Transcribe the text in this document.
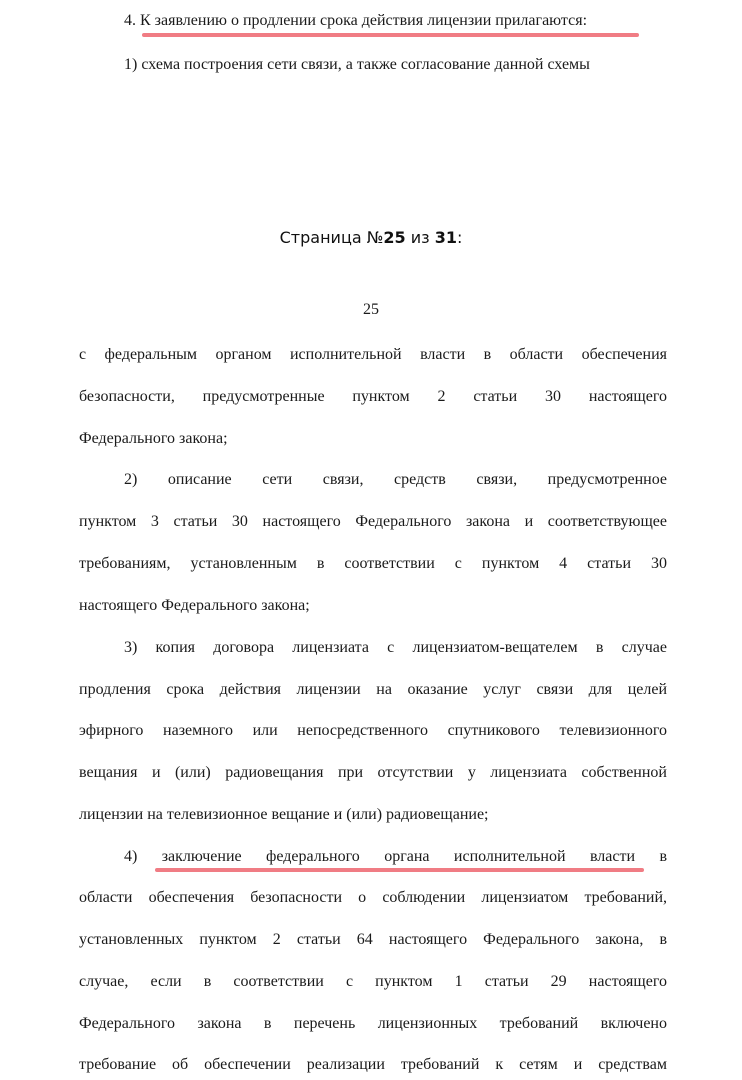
4. К заявлению о продлении срока действия лицензии прилагаются:
1) схема построения сети связи, а также согласование данной схемы
Страница №25 из 31:
25
с федеральным органом исполнительной власти в области обеспечения
безопасности, предусмотренные пунктом 2 статьи 30 настоящего
Федерального закона;
2) описание сети связи, средств связи, предусмотренное
пунктом 3 статьи 30 настоящего Федерального закона и соответствующее
требованиям, установленным в соответствии с пунктом 4 статьи 30
настоящего Федерального закона;
3) копия договора лицензиата с лицензиатом-вещателем в случае
продления срока действия лицензии на оказание услуг связи для целей
эфирного наземного или непосредственного спутникового телевизионного
вещания и (или) радиовещания при отсутствии у лицензиата собственной
лицензии на телевизионное вещание и (или) радиовещание;
4) заключение федерального органа исполнительной власти в
области обеспечения безопасности о соблюдении лицензиатом требований,
установленных пунктом 2 статьи 64 настоящего Федерального закона, в
случае, если в соответствии с пунктом 1 статьи 29 настоящего
Федерального закона в перечень лицензионных требований включено
требование об обеспечении реализации требований к сетям и средствам
